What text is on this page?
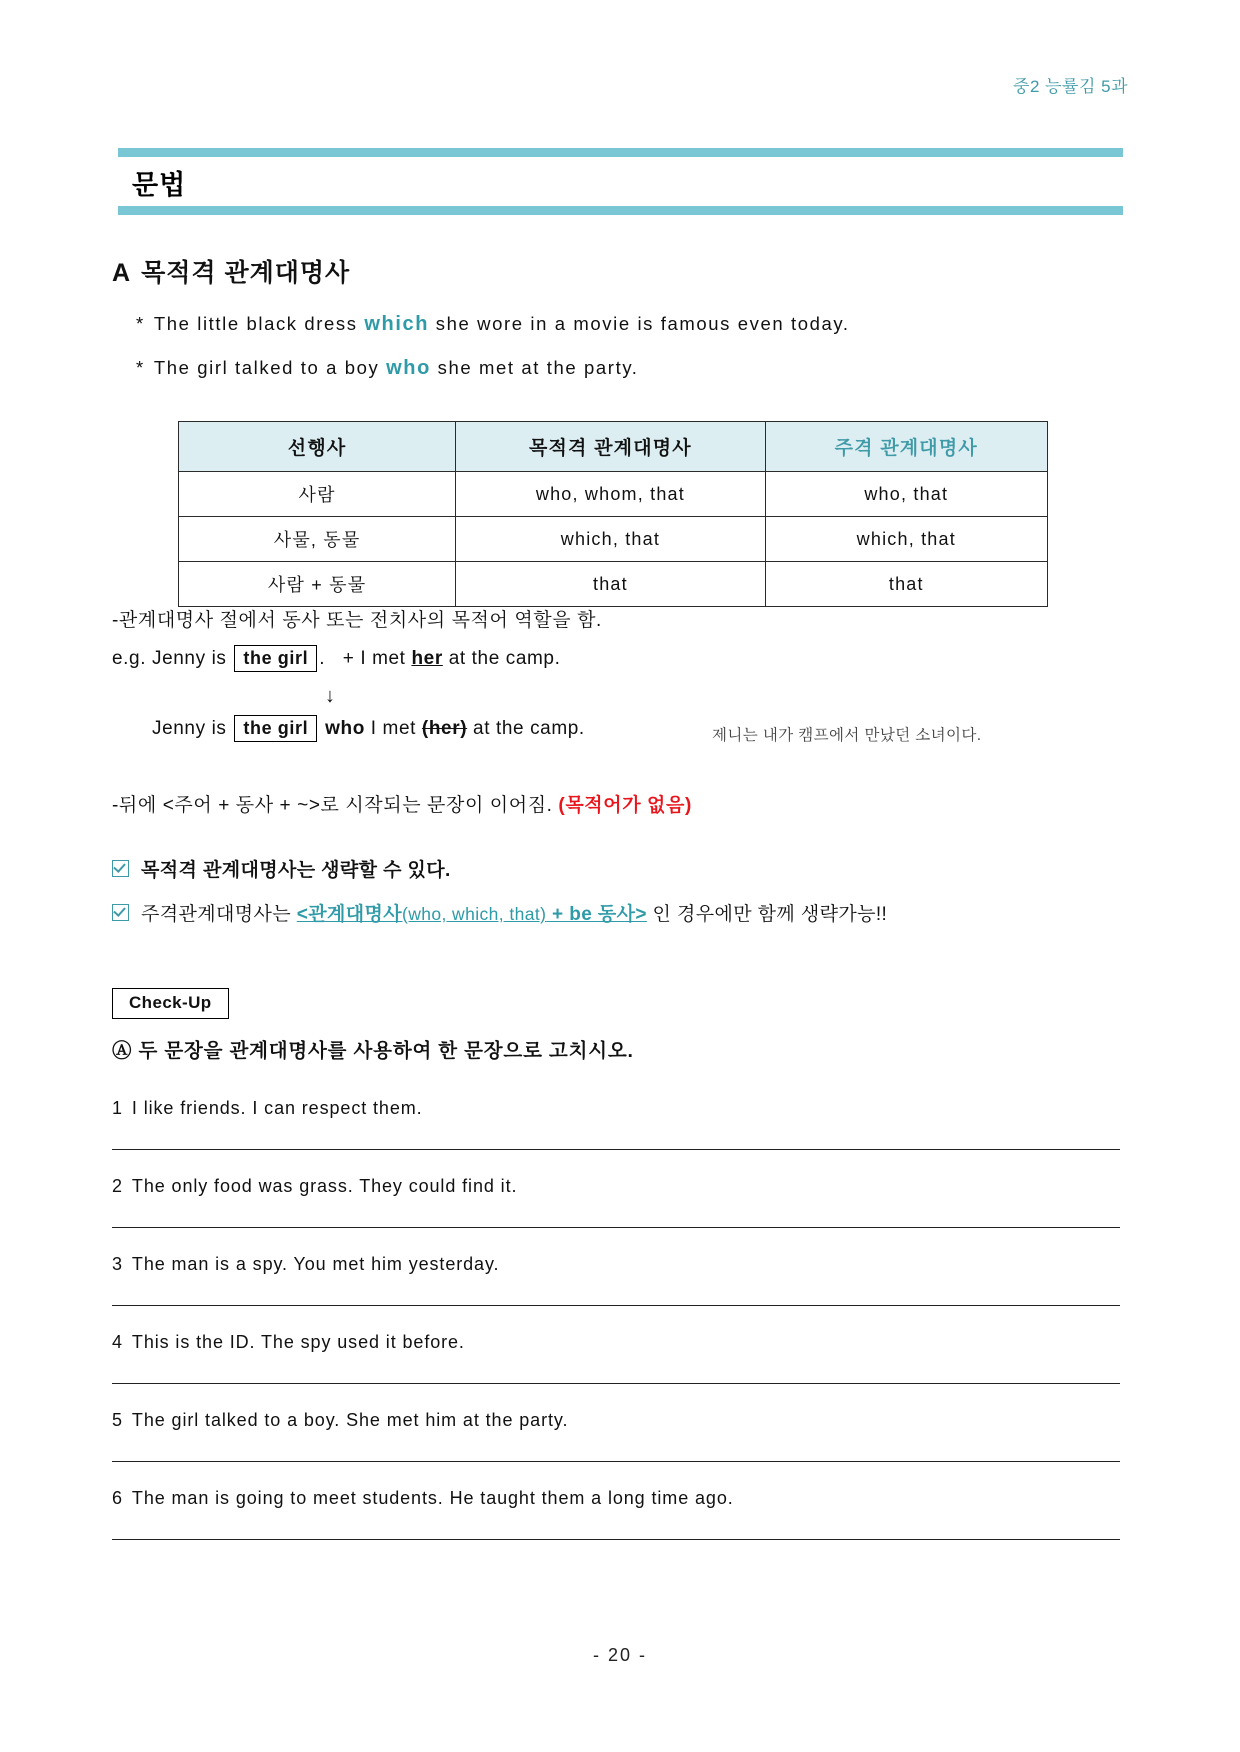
중2 능률김 5과
문법
A 목적격 관계대명사
* The little black dress which she wore in a movie is famous even today.
* The girl talked to a boy who she met at the party.
선행사	목적격 관계대명사	주격 관계대명사
사람	who, whom, that	who, that
사물, 동물	which, that	which, that
사람 + 동물	that	that
-관계대명사 절에서 동사 또는 전치사의 목적어 역할을 함.
e.g. Jenny is the girl . + I met her at the camp.
↓
Jenny is the girl who I met (her) at the camp.	제니는 내가 캠프에서 만났던 소녀이다.
-뒤에 <주어 + 동사 + ~>로 시작되는 문장이 이어짐. (목적어가 없음)
목적격 관계대명사는 생략할 수 있다.
주격관계대명사는 <관계대명사(who, which, that) + be 동사> 인 경우에만 함께 생략가능!!
Check-Up
Ⓐ 두 문장을 관계대명사를 사용하여 한 문장으로 고치시오.
1 I like friends. I can respect them.
2 The only food was grass. They could find it.
3 The man is a spy. You met him yesterday.
4 This is the ID. The spy used it before.
5 The girl talked to a boy. She met him at the party.
6 The man is going to meet students. He taught them a long time ago.
- 20 -
